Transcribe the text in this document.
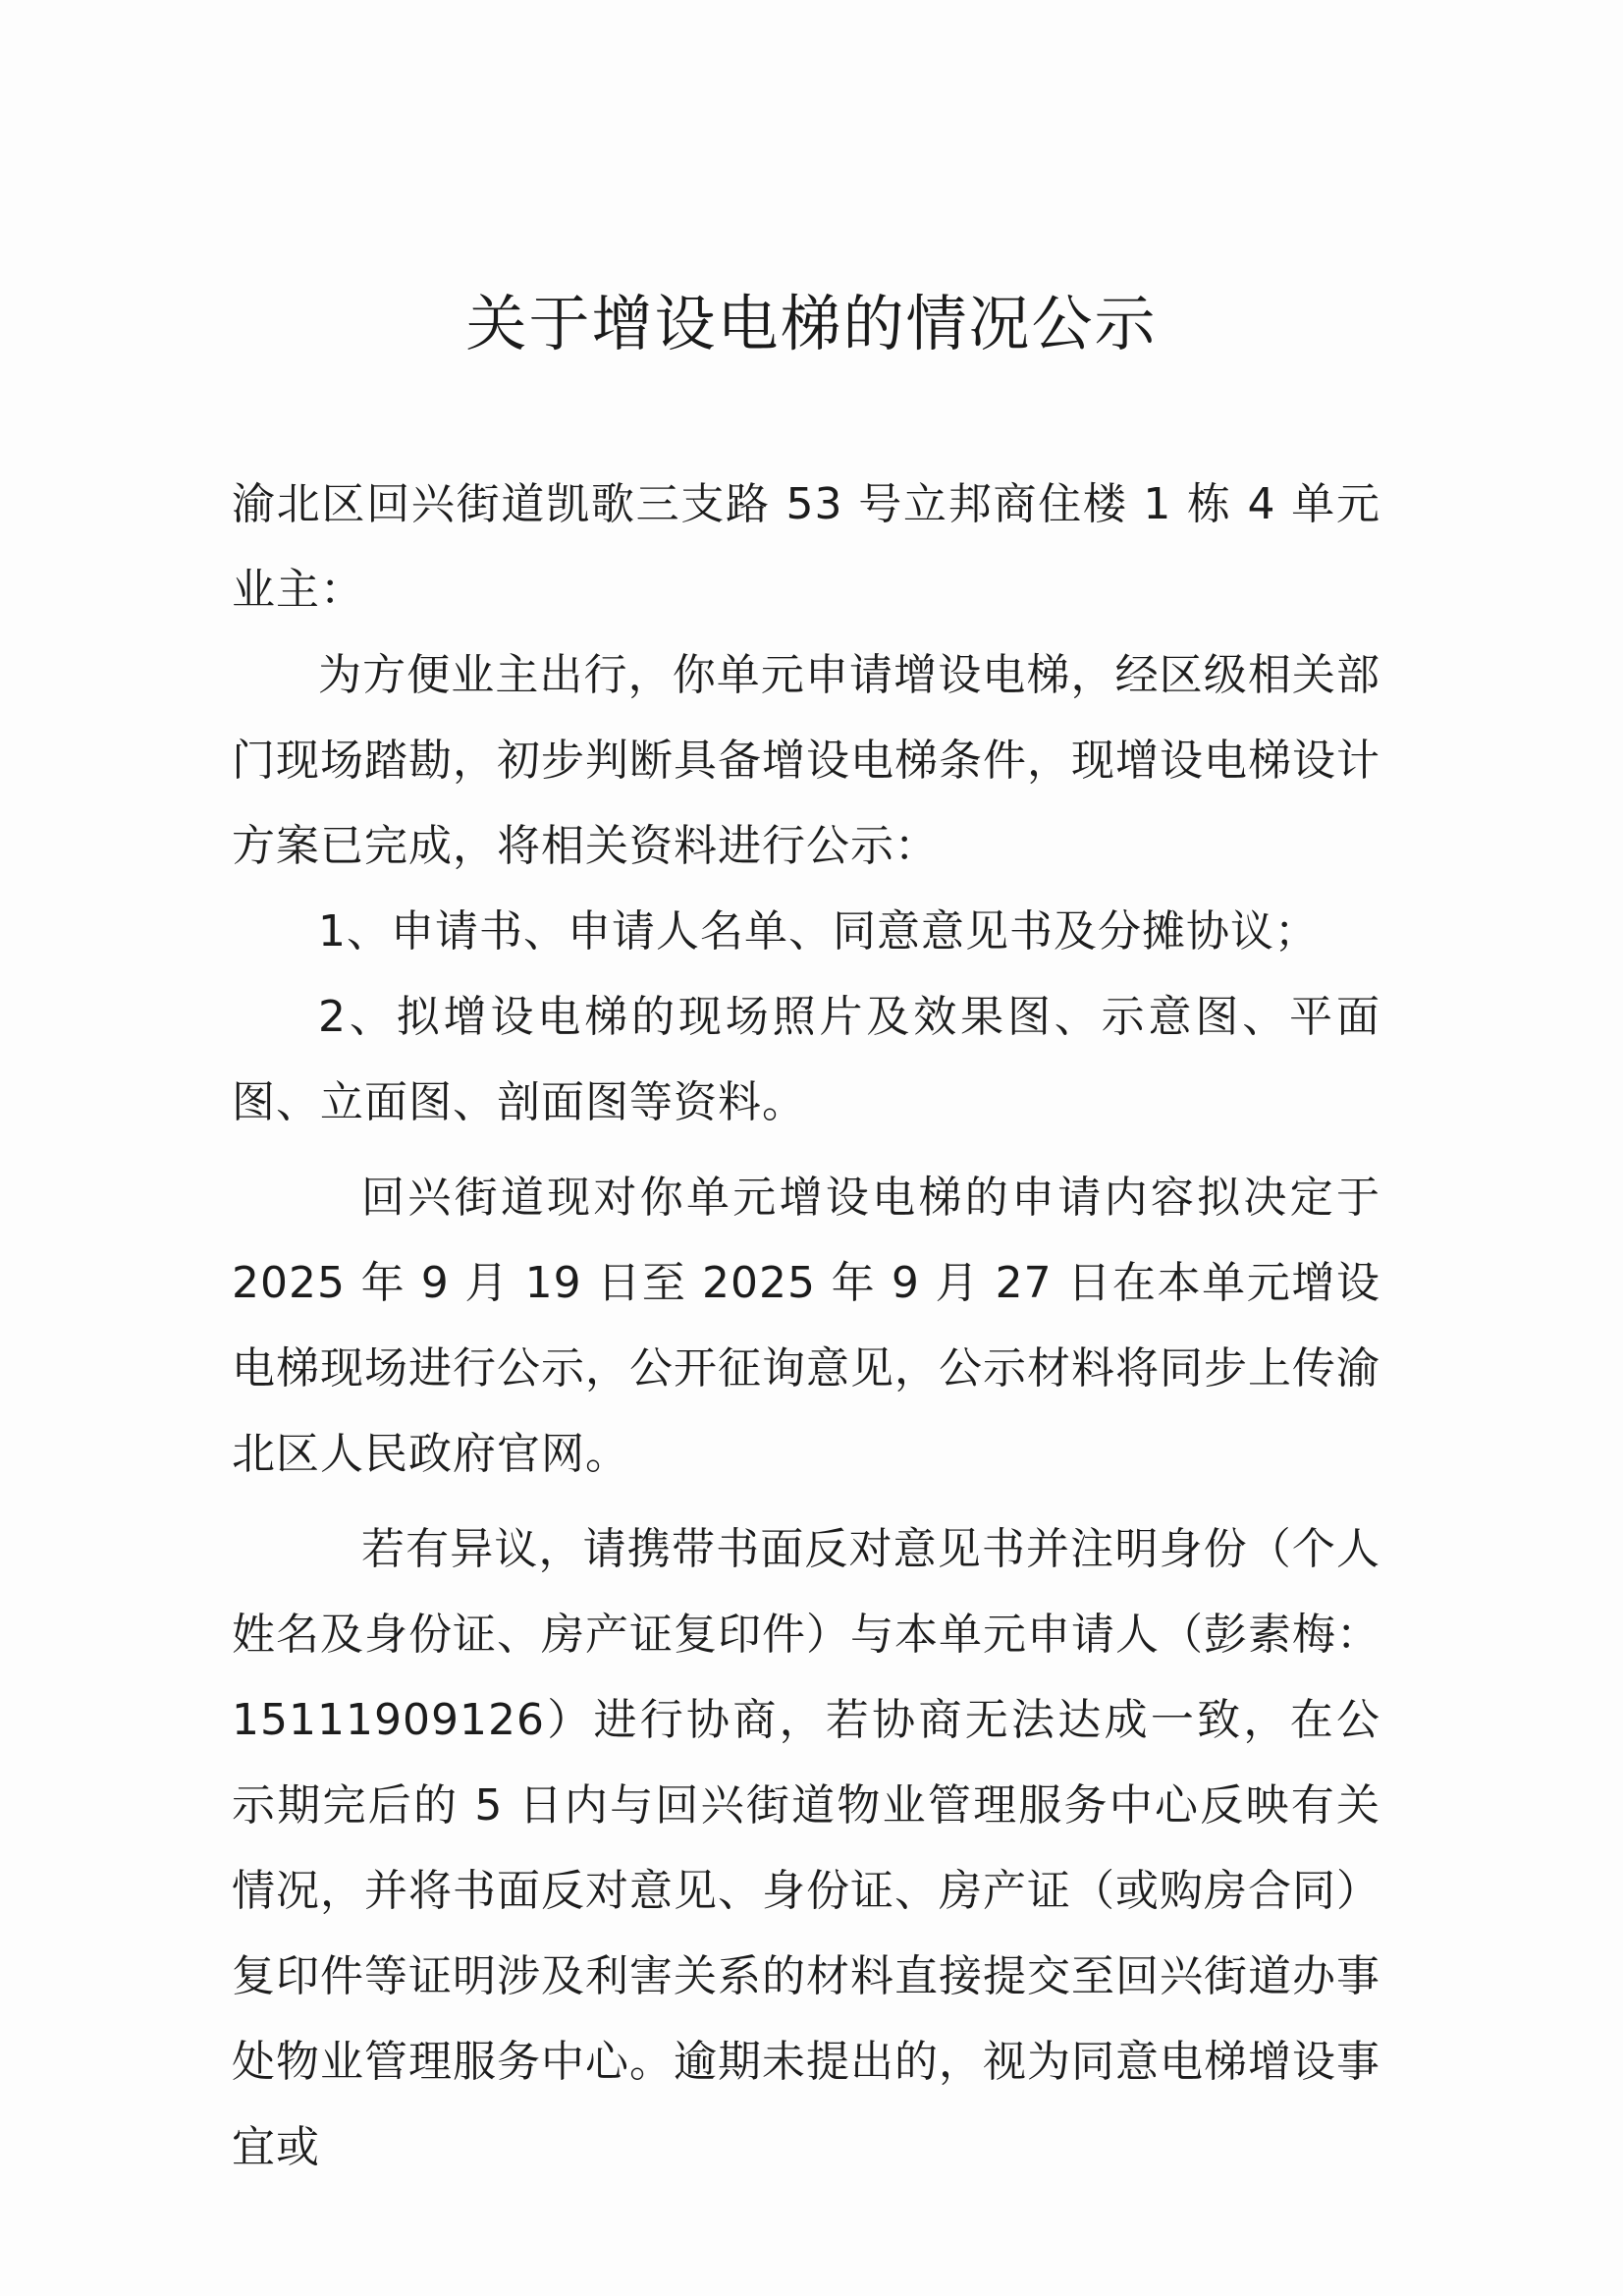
关于增设电梯的情况公示

渝北区回兴街道凯歌三支路 53 号立邦商住楼 1 栋 4 单元业主：

为方便业主出行，你单元申请增设电梯，经区级相关部门现场踏勘，初步判断具备增设电梯条件，现增设电梯设计方案已完成，将相关资料进行公示：

1、申请书、申请人名单、同意意见书及分摊协议；

2、拟增设电梯的现场照片及效果图、示意图、平面图、立面图、剖面图等资料。

回兴街道现对你单元增设电梯的申请内容拟决定于 2025 年 9 月 19 日至 2025 年 9 月 27 日在本单元增设电梯现场进行公示，公开征询意见，公示材料将同步上传渝北区人民政府官网。

若有异议，请携带书面反对意见书并注明身份（个人姓名及身份证、房产证复印件）与本单元申请人（彭素梅：15111909126）进行协商，若协商无法达成一致，在公示期完后的 5 日内与回兴街道物业管理服务中心反映有关情况，并将书面反对意见、身份证、房产证（或购房合同）复印件等证明涉及利害关系的材料直接提交至回兴街道办事处物业管理服务中心。逾期未提出的，视为同意电梯增设事宜或
